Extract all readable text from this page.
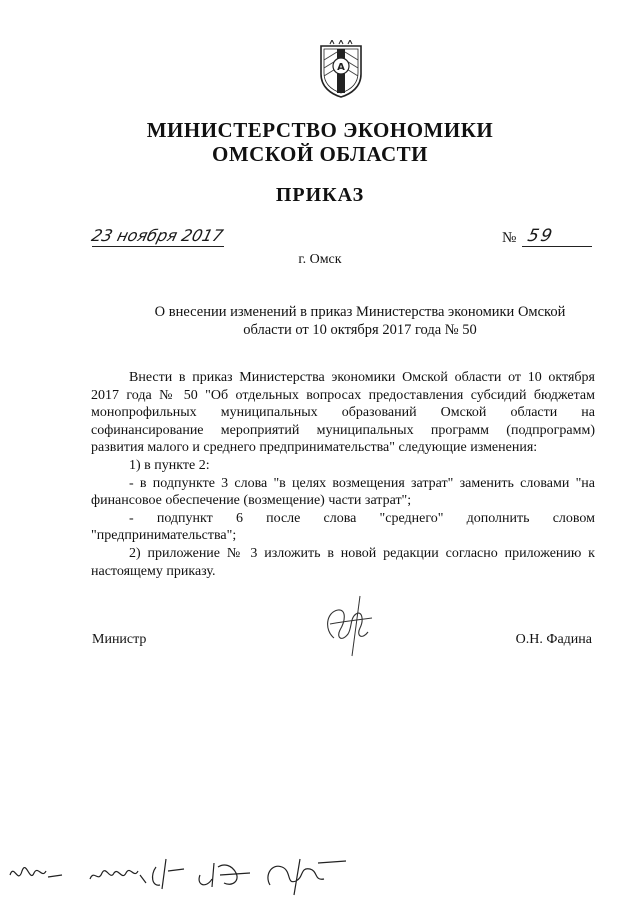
A
МИНИСТЕРСТВО ЭКОНОМИКИ
ОМСКОЙ ОБЛАСТИ
ПРИКАЗ
23 ноября 2017	№ 59
г. Омск
О внесении изменений в приказ Министерства экономики Омской
области от 10 октября 2017 года № 50

Внести в приказ Министерства экономики Омской области от 10 октября 2017 года № 50 "Об отдельных вопросах предоставления субсидий бюджетам монопрофильных муниципальных образований Омской области на софинансирование мероприятий муниципальных программ (подпрограмм) развития малого и среднего предпринимательства" следующие изменения:

1) в пункте 2:

- в подпункте 3 слова "в целях возмещения затрат" заменить словами "на финансовое обеспечение (возмещение) части затрат";

- подпункт 6 после слова "среднего" дополнить словом "предпринимательства";

2) приложение № 3 изложить в новой редакции согласно приложению к настоящему приказу.

Министр	О.Н. Фадина
